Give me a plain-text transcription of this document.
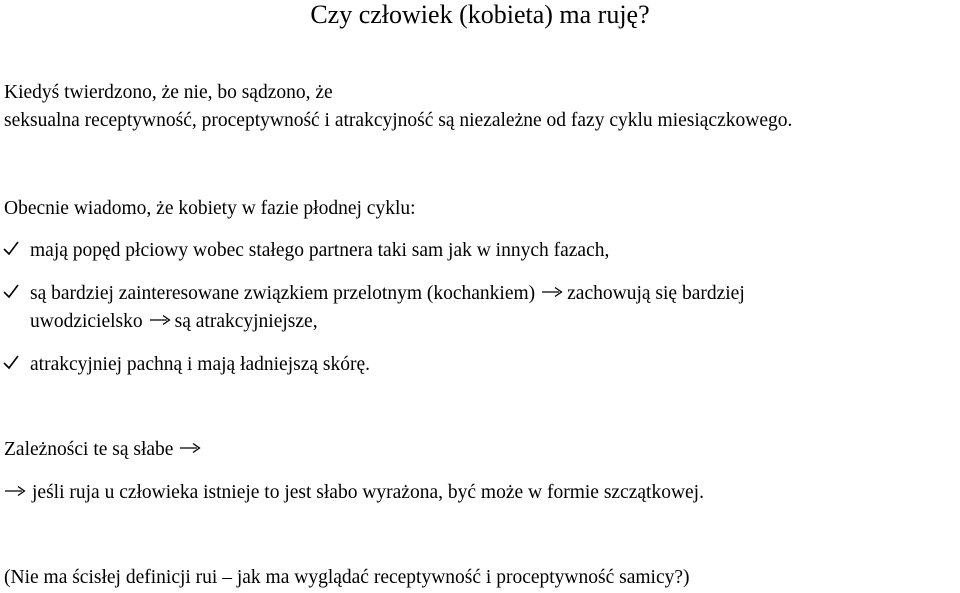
Czy człowiek (kobieta) ma ruję?
Kiedyś twierdzono, że nie, bo sądzono, że
seksualna receptywność, proceptywność i atrakcyjność są niezależne od fazy cyklu miesiączkowego.
Obecnie wiadomo, że kobiety w fazie płodnej cyklu:
mają popęd płciowy wobec stałego partnera taki sam jak w innych fazach,
są bardziej zainteresowane związkiem przelotnym (kochankiem) zachowują się bardziej
uwodzicielsko są atrakcyjniejsze,
atrakcyjniej pachną i mają ładniejszą skórę.
Zależności te są słabe
jeśli ruja u człowieka istnieje to jest słabo wyrażona, być może w formie szczątkowej.
(Nie ma ścisłej definicji rui – jak ma wyglądać receptywność i proceptywność samicy?)
